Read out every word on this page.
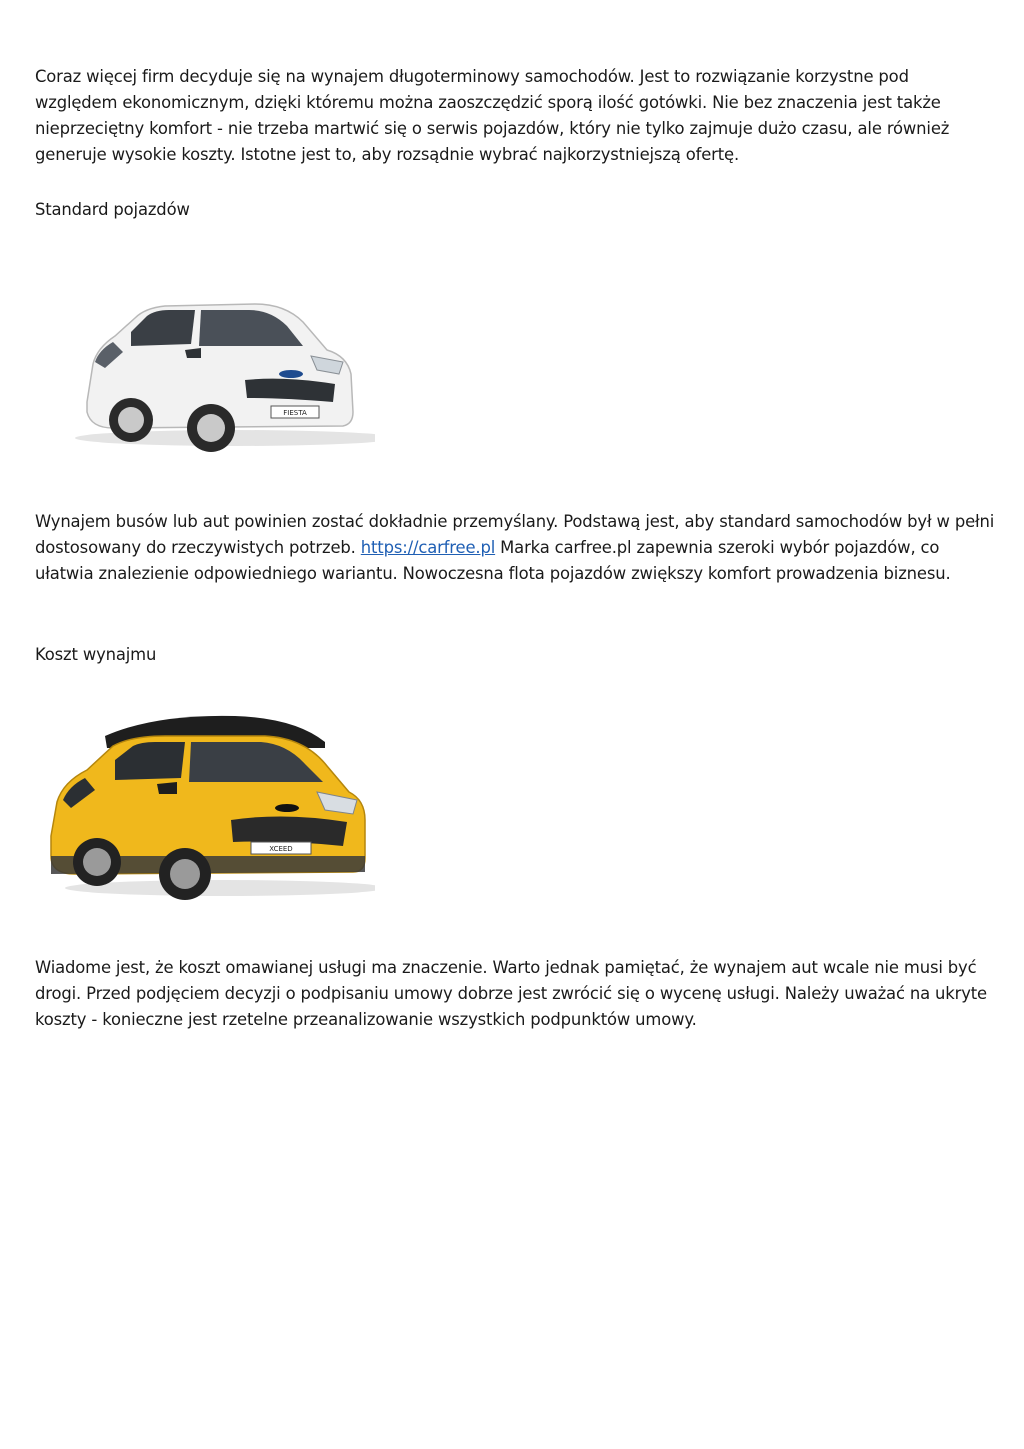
Coraz więcej firm decyduje się na wynajem długoterminowy samochodów. Jest to rozwiązanie korzystne pod względem ekonomicznym, dzięki któremu można zaoszczędzić sporą ilość gotówki. Nie bez znaczenia jest także nieprzeciętny komfort - nie trzeba martwić się o serwis pojazdów, który nie tylko zajmuje dużo czasu, ale również generuje wysokie koszty. Istotne jest to, aby rozsądnie wybrać najkorzystniejszą ofertę.

Standard pojazdów

FIESTA

Wynajem busów lub aut powinien zostać dokładnie przemyślany. Podstawą jest, aby standard samochodów był w pełni dostosowany do rzeczywistych potrzeb. https://carfree.pl Marka carfree.pl zapewnia szeroki wybór pojazdów, co ułatwia znalezienie odpowiedniego wariantu. Nowoczesna flota pojazdów zwiększy komfort prowadzenia biznesu.

Koszt wynajmu

XCEED

Wiadome jest, że koszt omawianej usługi ma znaczenie. Warto jednak pamiętać, że wynajem aut wcale nie musi być drogi. Przed podjęciem decyzji o podpisaniu umowy dobrze jest zwrócić się o wycenę usługi. Należy uważać na ukryte koszty - konieczne jest rzetelne przeanalizowanie wszystkich podpunktów umowy.
